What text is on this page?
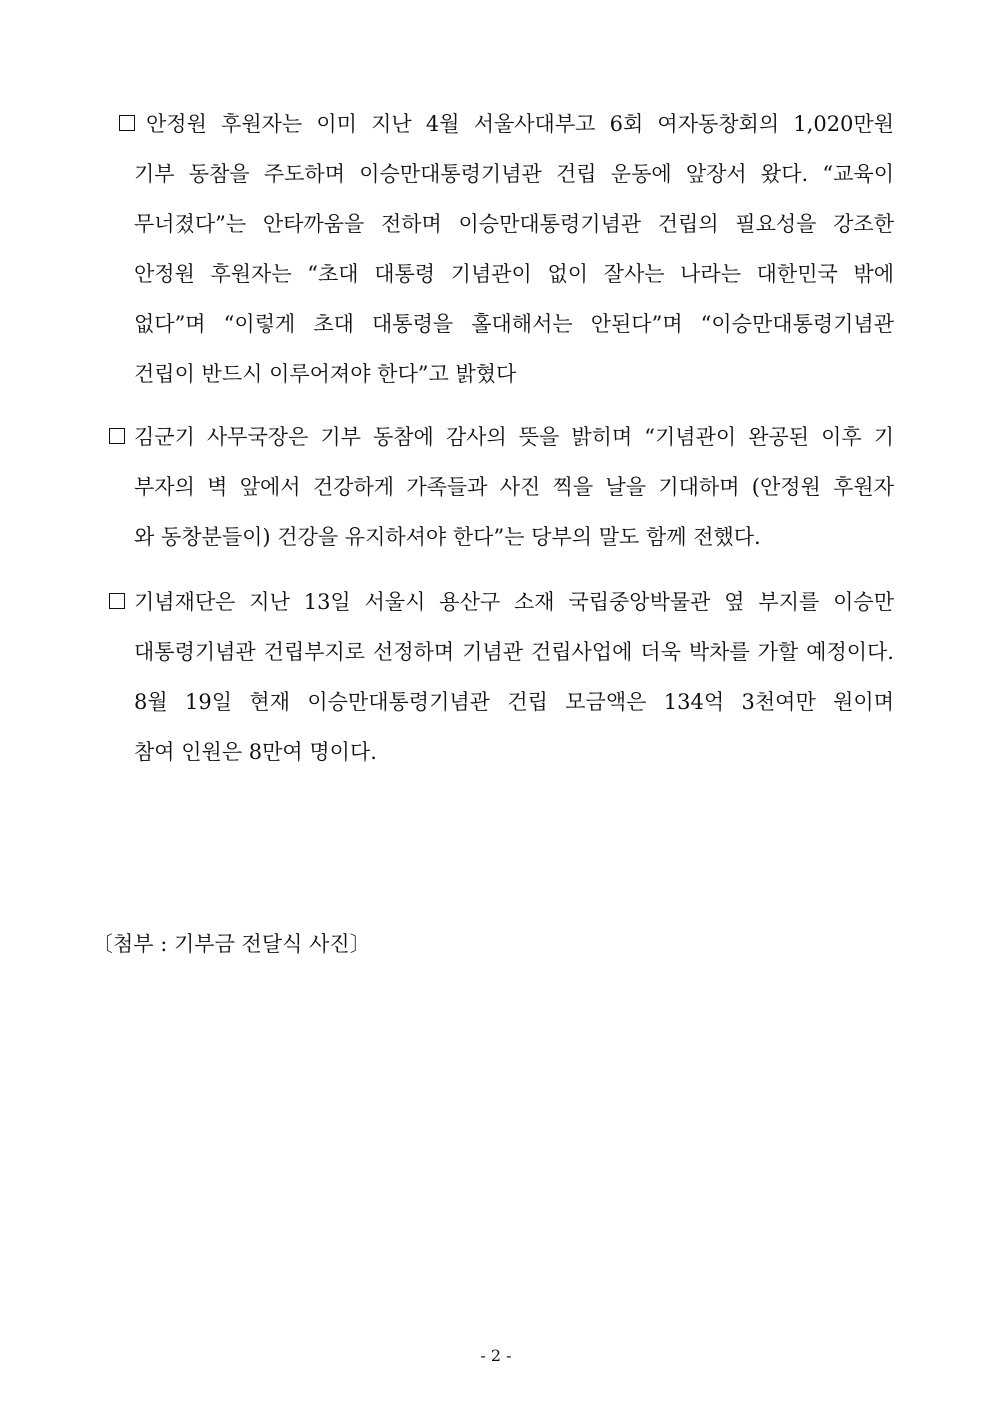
안정원 후원자는 이미 지난 4월 서울사대부고 6회 여자동창회의 1,020만원
기부 동참을 주도하며 이승만대통령기념관 건립 운동에 앞장서 왔다. “교육이
무너졌다”는 안타까움을 전하며 이승만대통령기념관 건립의 필요성을 강조한
안정원 후원자는 “초대 대통령 기념관이 없이 잘사는 나라는 대한민국 밖에
없다”며 “이렇게 초대 대통령을 홀대해서는 안된다”며 “이승만대통령기념관
건립이 반드시 이루어져야 한다”고 밝혔다
김군기 사무국장은 기부 동참에 감사의 뜻을 밝히며 “기념관이 완공된 이후 기
부자의 벽 앞에서 건강하게 가족들과 사진 찍을 날을 기대하며 (안정원 후원자
와 동창분들이) 건강을 유지하셔야 한다”는 당부의 말도 함께 전했다.
기념재단은 지난 13일 서울시 용산구 소재 국립중앙박물관 옆 부지를 이승만
대통령기념관 건립부지로 선정하며 기념관 건립사업에 더욱 박차를 가할 예정이다.
8월 19일 현재 이승만대통령기념관 건립 모금액은 134억 3천여만 원이며
참여 인원은 8만여 명이다.
〔첨부 : 기부금 전달식 사진〕
- 2 -
